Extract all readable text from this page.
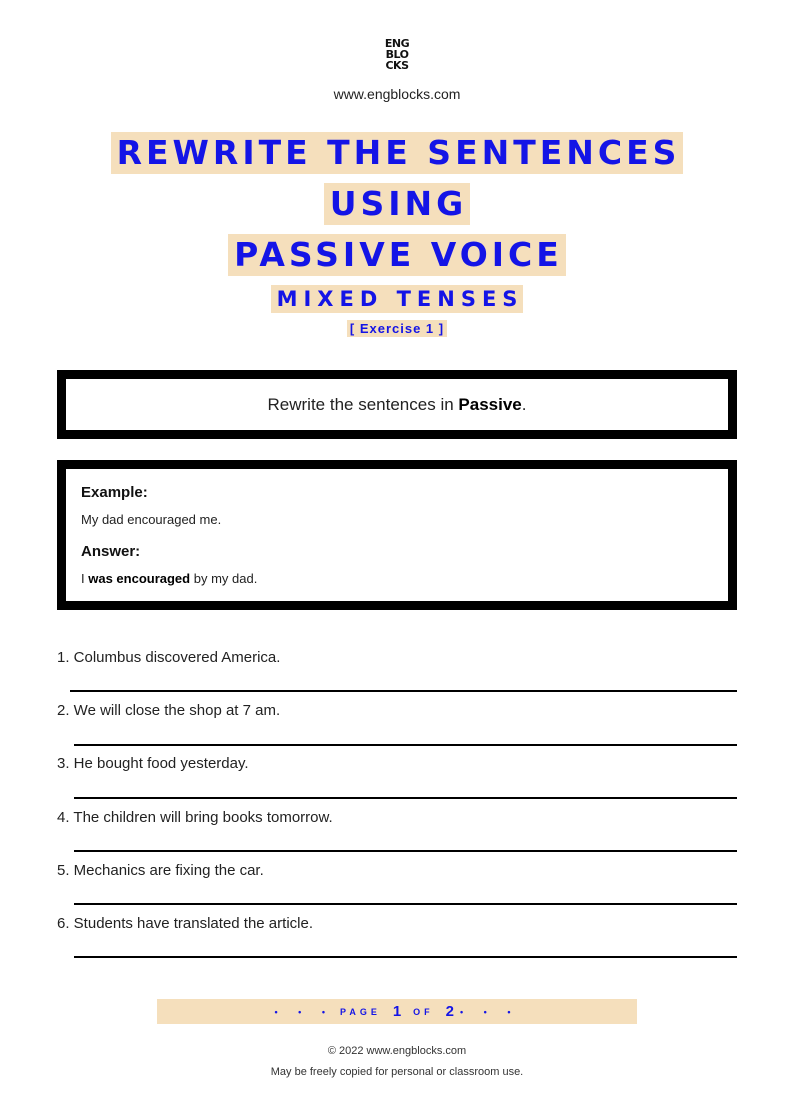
ENG
BLO
CKS
www.engblocks.com
REWRITE THE SENTENCES
USING
PASSIVE VOICE
MIXED TENSES
[ Exercise 1 ]
Rewrite the sentences in Passive.
Example:
My dad encouraged me.
Answer:
I was encouraged by my dad.
1. Columbus discovered America.
2. We will close the shop at 7 am.
3. He bought food yesterday.
4. The children will bring books tomorrow.
5. Mechanics are fixing the car.
6. Students have translated the article.
• • • PAGE 1 OF 2 • • •
© 2022 www.engblocks.com
May be freely copied for personal or classroom use.
